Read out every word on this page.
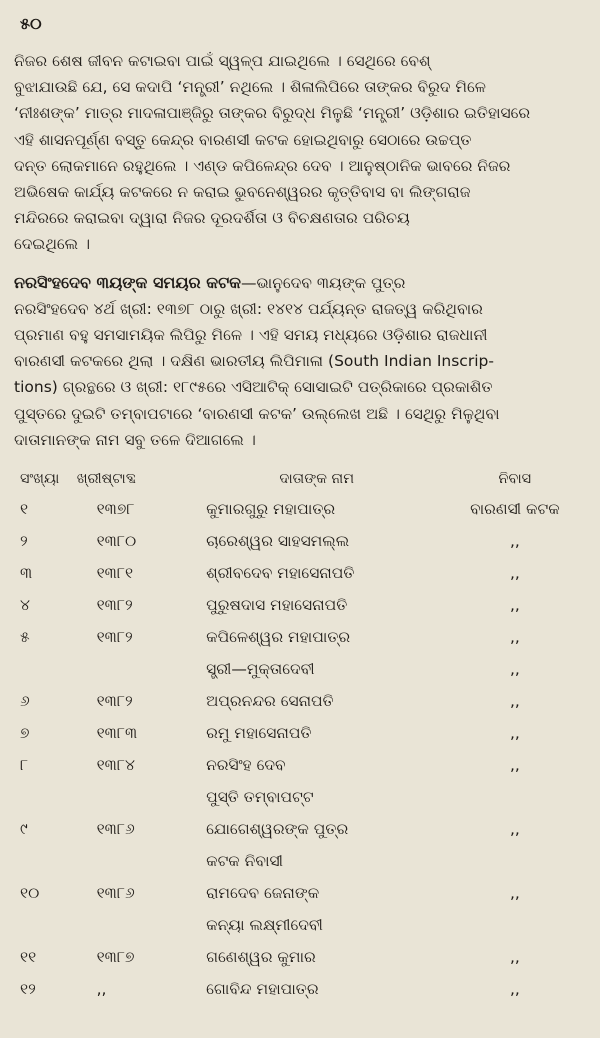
୫୦

ନିଜର ଶେଷ ଜୀବନ କଟାଇବା ପାଇଁ ସ୍ୱଳ୍ପ ଯାଇଥିଲେ । ସେଥିରେ ବେଶ୍

ବୁଝାଯାଉଛି ଯେ, ସେ କଦାପି ‘ମନ୍ତ୍ରୀ’ ନଥିଲେ । ଶିଳାଲିପିରେ ତାଙ୍କର ବିରୁଦ ମିଳେ

‘ନୀଃଶଙ୍କ’ ମାତ୍ର ମାଦଳାପାଞ୍ଜିରୁ ତାଙ୍କର ବିରୁଦ୍ଧ ମିଳୁଛି ‘ମନ୍ତ୍ରୀ’ ଓଡ଼ିଶାର ଇତିହାସରେ

ଏହି ଶାସନପୂର୍ଣ୍ଣ ବସ୍ତୁ କେନ୍ଦ୍ର ବାରଣସୀ କଟକ ହୋଇଥିବାରୁ ସେଠାରେ ଉଚ୍ଚପ୍ତ

ଦନ୍ତ ଲୋକମାନେ ରହୁଥିଲେ । ଏଣ୍ଡ କପିଳେନ୍ଦ୍ର ଦେବ । ଆନୁଷ୍ଠାନିକ ଭାବରେ ନିଜର

ଅଭିଷେକ କାର୍ଯ୍ୟ କଟକରେ ନ କରାଇ ଭୁବନେଶ୍ୱରର କୃତ୍ତିବାସ ବା ଲିଙ୍ଗରାଜ

ମନ୍ଦିରରେ କରାଇବା ଦ୍ୱାରା ନିଜର ଦୂରଦର୍ଶିତା ଓ ବିଚକ୍ଷଣତାର ପରିଚୟ

ଦେଇଥିଲେ ।

ନରସିଂହଦେବ ୩ୟଙ୍କ ସମୟର କଟକ—ଭାନୁଦେବ ୩ୟଙ୍କ ପୁତ୍ର
ନରସିଂହଦେବ ୪ର୍ଥ ଖ୍ରୀ: ୧୩୭୮ ଠାରୁ ଖ୍ରୀ: ୧୪୧୪ ପର୍ଯ୍ୟନ୍ତ ରାଜତ୍ୱ କରିଥିବାର
ପ୍ରମାଣ ବହୁ ସମସାମୟିକ ଲିପିରୁ ମିଳେ । ଏହି ସମୟ ମଧ୍ୟରେ ଓଡ଼ିଶାର ରାଜଧାନୀ
ବାରଣସୀ କଟକରେ ଥିଲା । ଦକ୍ଷିଣ ଭାରତୀୟ ଲିପିମାଳା (South Indian Inscrip-
tions) ଗ୍ରନ୍ଥରେ ଓ ଖ୍ରୀ: ୧୮୯୫ରେ ଏସିଆଟିକ୍ ସୋସାଇଟି ପତ୍ରିକାରେ ପ୍ରକାଶିତ
ପୁସ୍ତରେ ଦୁଇଟି ତମ୍ବାପଟାରେ ‘ବାରଣସୀ କଟକ’ ଉଲ୍ଲେଖ ଅଛି । ସେଥିରୁ ମିଳୁଥିବା
ଦାତାମାନଙ୍କ ନାମ ସବୁ ତଳେ ଦିଆଗଲେ ।
ସଂଖ୍ୟା	ଖ୍ରୀଷ୍ଟାବ୍ଦ	ଦାତାଙ୍କ ନାମ	ନିବାସ
୧	୧୩୭୮	କୁମାରଗୁରୁ ମହାପାତ୍ର	ବାରଣସୀ କଟକ
୨	୧୩୮୦	ଚାରେଶ୍ୱର ସାହସମଲ୍ଲ	,,
୩	୧୩୮୧	ଶ୍ରୀବଦେବ ମହାସେନାପତି	,,
୪	୧୩୮୨	ପୁରୁଷଦାସ ମହାସେନାପତି	,,
୫	୧୩୮୨	କପିଳେଶ୍ୱର ମହାପାତ୍ର	,,
ସ୍ତ୍ରୀ—ମୁକ୍ତାଦେବୀ	,,
୬	୧୩୮୨	ଅପ୍ରନନ୍ଦର ସେନାପତି	,,
୭	୧୩୮୩	ରମୁ ମହାସେନାପତି	,,
୮	୧୩୮୪	ନରସିଂହ ଦେବ	,,
ପୁସ୍ତି ତମ୍ବାପଟ୍ଟ
୯	୧୩୮୬	ଯୋଗେଶ୍ୱରଙ୍କ ପୁତ୍ର	,,
କଟକ ନିବାସୀ
୧୦	୧୩୮୬	ରାମଦେବ ଜେନାଙ୍କ	,,
କନ୍ୟା ଲକ୍ଷ୍ମୀଦେବୀ
୧୧	୧୩୮୭	ଗଣେଶ୍ୱର କୁମାର	,,
୧୨	,,	ଗୋବିନ୍ଦ ମହାପାତ୍ର	,,
